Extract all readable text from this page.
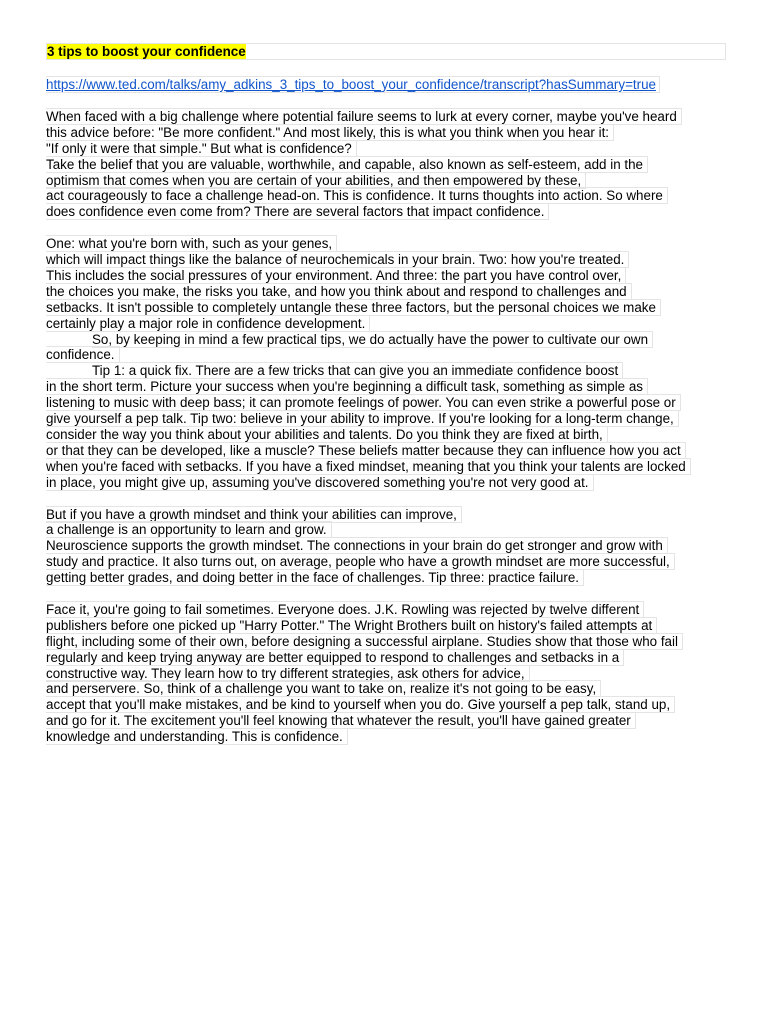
3 tips to boost your confidence
https://www.ted.com/talks/amy_adkins_3_tips_to_boost_your_confidence/transcript?hasSummary=true
When faced with a big challenge where potential failure seems to lurk at every corner, maybe you've heard
this advice before: "Be more confident." And most likely, this is what you think when you hear it:
"If only it were that simple." But what is confidence?
Take the belief that you are valuable, worthwhile, and capable, also known as self-esteem, add in the
optimism that comes when you are certain of your abilities, and then empowered by these,
act courageously to face a challenge head-on. This is confidence. It turns thoughts into action. So where
does confidence even come from? There are several factors that impact confidence.
One: what you're born with, such as your genes,
which will impact things like the balance of neurochemicals in your brain. Two: how you're treated.
This includes the social pressures of your environment. And three: the part you have control over,
the choices you make, the risks you take, and how you think about and respond to challenges and
setbacks. It isn't possible to completely untangle these three factors, but the personal choices we make
certainly play a major role in confidence development.
So, by keeping in mind a few practical tips, we do actually have the power to cultivate our own
confidence.
Tip 1: a quick fix. There are a few tricks that can give you an immediate confidence boost
in the short term. Picture your success when you're beginning a difficult task, something as simple as
listening to music with deep bass; it can promote feelings of power. You can even strike a powerful pose or
give yourself a pep talk. Tip two: believe in your ability to improve. If you're looking for a long-term change,
consider the way you think about your abilities and talents. Do you think they are fixed at birth,
or that they can be developed, like a muscle? These beliefs matter because they can influence how you act
when you're faced with setbacks. If you have a fixed mindset, meaning that you think your talents are locked
in place, you might give up, assuming you've discovered something you're not very good at.
But if you have a growth mindset and think your abilities can improve,
a challenge is an opportunity to learn and grow.
Neuroscience supports the growth mindset. The connections in your brain do get stronger and grow with
study and practice. It also turns out, on average, people who have a growth mindset are more successful,
getting better grades, and doing better in the face of challenges. Tip three: practice failure.
Face it, you're going to fail sometimes. Everyone does. J.K. Rowling was rejected by twelve different
publishers before one picked up "Harry Potter." The Wright Brothers built on history's failed attempts at
flight, including some of their own, before designing a successful airplane. Studies show that those who fail
regularly and keep trying anyway are better equipped to respond to challenges and setbacks in a
constructive way. They learn how to try different strategies, ask others for advice,
and perservere. So, think of a challenge you want to take on, realize it's not going to be easy,
accept that you'll make mistakes, and be kind to yourself when you do. Give yourself a pep talk, stand up,
and go for it. The excitement you'll feel knowing that whatever the result, you'll have gained greater
knowledge and understanding. This is confidence.
